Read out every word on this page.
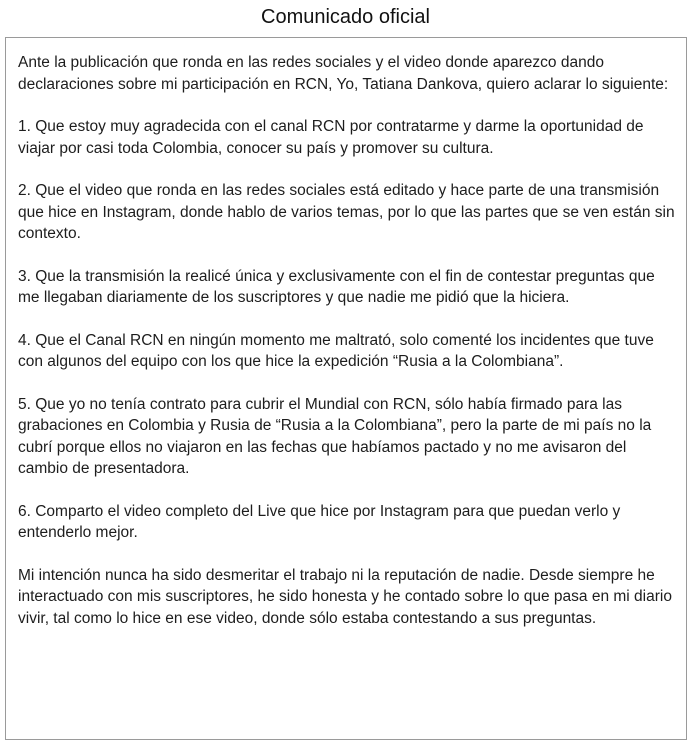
Comunicado oficial

Ante la publicación que ronda en las redes sociales y el video donde aparezco dando declaraciones sobre mi participación en RCN, Yo, Tatiana Dankova, quiero aclarar lo siguiente:

1. Que estoy muy agradecida con el canal RCN por contratarme y darme la oportunidad de viajar por casi toda Colombia, conocer su país y promover su cultura.

2. Que el video que ronda en las redes sociales está editado y hace parte de una transmisión que hice en Instagram, donde hablo de varios temas, por lo que las partes que se ven están sin contexto.

3. Que la transmisión la realicé única y exclusivamente con el fin de contestar preguntas que me llegaban diariamente de los suscriptores y que nadie me pidió que la hiciera.

4. Que el Canal RCN en ningún momento me maltrató, solo comenté los incidentes que tuve con algunos del equipo con los que hice la expedición “Rusia a la Colombiana”.

5. Que yo no tenía contrato para cubrir el Mundial con RCN, sólo había firmado para las grabaciones en Colombia y Rusia de “Rusia a la Colombiana”, pero la parte de mi país no la cubrí porque ellos no viajaron en las fechas que habíamos pactado y no me avisaron del cambio de presentadora.

6. Comparto el video completo del Live que hice por Instagram para que puedan verlo y entenderlo mejor.

Mi intención nunca ha sido desmeritar el trabajo ni la reputación de nadie. Desde siempre he interactuado con mis suscriptores, he sido honesta y he contado sobre lo que pasa en mi diario vivir, tal como lo hice en ese video, donde sólo estaba contestando a sus preguntas.
